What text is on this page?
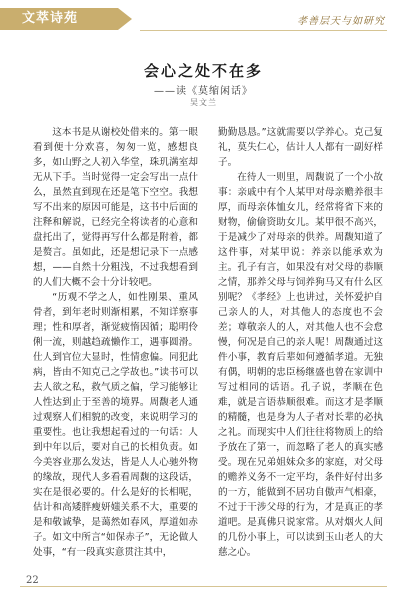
文萃诗苑	孝善层天与如研究
会心之处不在多
——读《莫缩闲话》
吴文兰

这本书是从谢校处借来的。第一眼看到便十分欢喜，匆匆一览，感想良多，如山野之人初入华堂，珠玑满室却无从下手。当时觉得一定会写出一点什么，虽然直到现在还是笔下空空。我想写不出来的原因可能是，这书中后面的注释和解说，已经完全将读者的心意和盘托出了，觉得再写什么都是附着，都是赘言。虽如此，还是想记录下一点感想，——自然十分粗浅，不过我想看到的人们大概不会十分计较吧。

“历观不学之人，如性刚果、重风骨者，到年老时则渐相累，不知详察事理；性和厚者，渐觉疲惰因循；聪明伶俐一流，则越趋疏懒作工，遇事圆滑。仕人到官位大显时，性情愈偏。同犯此病，皆由不知克己之学故也。”读书可以去人欲之私，救气质之偏，学习能够让人性达到止于至善的境界。周馥老人通过观察人们相貌的改变，来说明学习的重要性。也让我想起看过的一句话：人到中年以后，要对自己的长相负责。如今美容业那么发达，皆是人人心驰外物的缘故，现代人多看看周馥的这段话，实在是很必要的。什么是好的长相呢，估计和高矮胖瘦妍媸关系不大，重要的是和敬诚挚，是蔼然如春风，厚道如赤子。如文中所言“如保赤子”，无论做人处事，“有一段真实意贯注其中，

勤勤恳恳。”这就需要以学养心。克己复礼，莫失仁心，估计人人都有一副好样子。

在待人一则里，周馥说了一个小故事：亲戚中有个人某甲对母亲赡养很丰厚，而母亲体恤女儿，经常将省下来的财物，偷偷资助女儿。某甲很不高兴，于是减少了对母亲的供养。周馥知道了这件事，对某甲说：养亲以能承欢为主。孔子有言，如果没有对父母的恭顺之情，那养父母与饲养狗马又有什么区别呢？《孝经》上也讲过，关怀爱护自己亲人的人，对其他人的态度也不会差；尊敬亲人的人，对其他人也不会怠慢，何况是自己的亲人呢！周馥通过这件小事，教育后辈如何遵循孝道。无独有偶，明朝的忠臣杨继盛也曾在家训中写过相同的话语。孔子说，孝顺在色难，就是言语恭顺很难。而这才是孝顺的精髓，也是身为人子者对长辈的必执之礼。而现实中人们往往将物质上的给予放在了第一，而忽略了老人的真实感受。现在兄弟姐妹众多的家庭，对父母的赡养义务不一定平均，条件好付出多的一方，能做到不居功自傲声气相豪，不过于干涉父母的行为，才是真正的孝道吧。是真佛只说家常。从对烟火人间的几份小事上，可以读到玉山老人的大慈之心。

22
